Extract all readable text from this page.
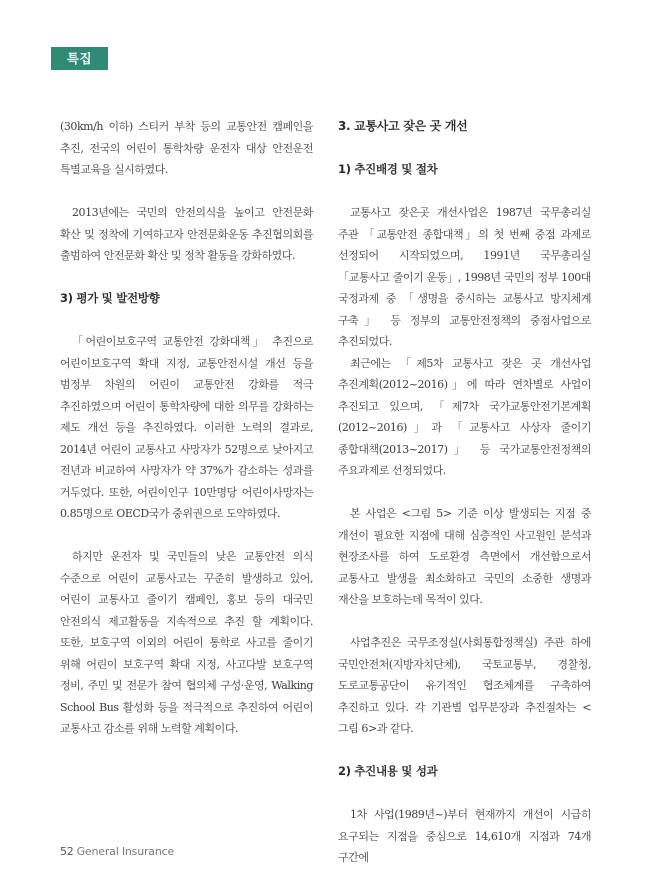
특집

(30km/h 이하) 스티커 부착 등의 교통안전 캠페인을 추진, 전국의 어린이 통학차량 운전자 대상 안전운전 특별교육을 실시하였다.

2013년에는 국민의 안전의식을 높이고 안전문화 확산 및 정착에 기여하고자 안전문화운동 추진협의회를 출범하여 안전문화 확산 및 정착 활동을 강화하였다.

3) 평가 및 발전방향

「어린이보호구역 교통안전 강화대책」 추진으로 어린이보호구역 확대 지정, 교통안전시설 개선 등을 범정부 차원의 어린이 교통안전 강화를 적극 추진하였으며 어린이 통학차량에 대한 의무를 강화하는 제도 개선 등을 추진하였다. 이러한 노력의 결과로, 2014년 어린이 교통사고 사망자가 52명으로 낮아지고 전년과 비교하여 사망자가 약 37%가 감소하는 성과를 거두었다. 또한, 어린이인구 10만명당 어린이사망자는 0.85명으로 OECD국가 중위권으로 도약하였다.

하지만 운전자 및 국민들의 낮은 교통안전 의식 수준으로 어린이 교통사고는 꾸준히 발생하고 있어, 어린이 교통사고 줄이기 캠페인, 홍보 등의 대국민 안전의식 제고활동을 지속적으로 추진 할 계획이다. 또한, 보호구역 이외의 어린이 통학로 사고를 줄이기 위해 어린이 보호구역 확대 지정, 사고다발 보호구역 정비, 주민 및 전문가 참여 협의체 구성·운영, Walking School Bus 활성화 등을 적극적으로 추진하여 어린이 교통사고 감소를 위해 노력할 계획이다.

3. 교통사고 잦은 곳 개선
1) 추진배경 및 절차

교통사고 잦은곳 개선사업은 1987년 국무총리실 주관 「교통안전 종합대책」의 첫 번째 중점 과제로 선정되어 시작되었으며, 1991년 국무총리실 「교통사고 줄이기 운동」, 1998년 국민의 정부 100대 국정과제 중 「생명을 중시하는 교통사고 방지체계 구축」 등 정부의 교통안전정책의 중점사업으로 추진되었다.

최근에는 「제5차 교통사고 잦은 곳 개선사업 추진계획(2012~2016)」에 따라 연차별로 사업이 추진되고 있으며, 「제7차 국가교통안전기본계획(2012~2016)」과 「교통사고 사상자 줄이기 종합대책(2013~2017)」 등 국가교통안전정책의 주요과제로 선정되었다.

본 사업은 <그림 5> 기준 이상 발생되는 지점 중 개선이 필요한 지점에 대해 심층적인 사고원인 분석과 현장조사를 하여 도로환경 측면에서 개선함으로서 교통사고 발생을 최소화하고 국민의 소중한 생명과 재산을 보호하는데 목적이 있다.

사업추진은 국무조정실(사회통합정책실) 주관 하에 국민안전처(지방자치단체), 국토교통부, 경찰청, 도로교통공단이 유기적인 협조체계를 구축하여 추진하고 있다. 각 기관별 업무분장과 추진절차는 <그림 6>과 같다.

2) 추진내용 및 성과

1차 사업(1989년~)부터 현재까지 개선이 시급히 요구되는 지점을 중심으로 14,610개 지점과 74개 구간에

52 General Insurance
